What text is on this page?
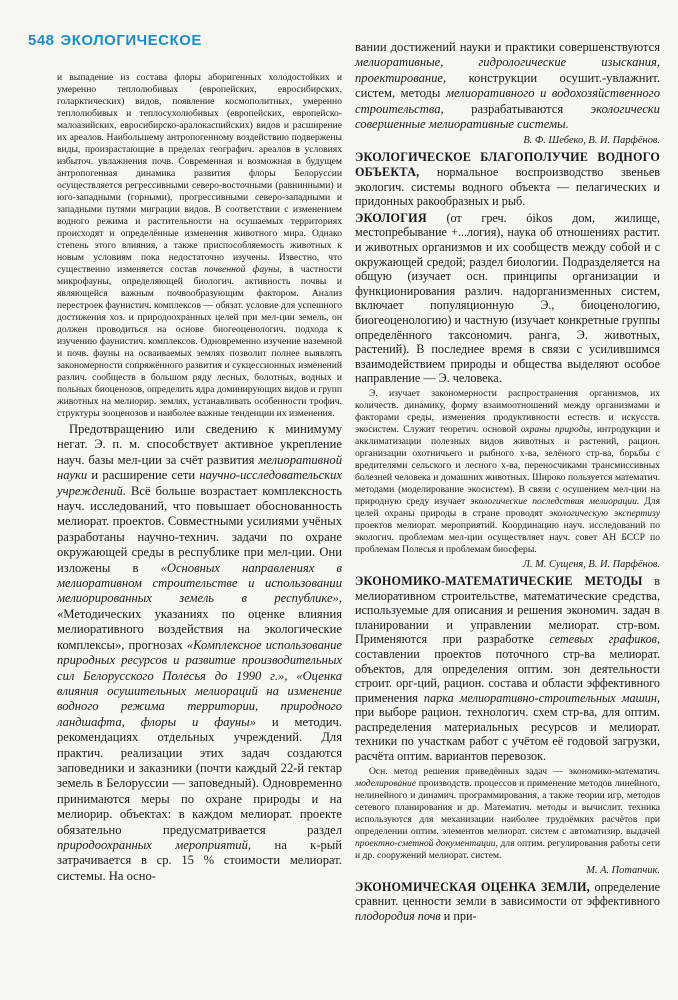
548 ЭКОЛОГИЧЕСКОЕ

и выпадение из состава флоры аборигенных холодостойких и умеренно теплолюбивых (европейских, евросибирских, голарктических) видов, появление космополитных, умеренно теплолюбивых и теплосухолюбивых (европейских, европейско-малоазийских, евросибирско-аралокаспийских) видов и расширение их ареалов. Наибольшему антропогенному воздействию подвержены виды, произрастающие в пределах географич. ареалов в условиях избыточ. увлажнения почв. Современная и возможная в будущем антропогенная динамика развития флоры Белоруссии осуществляется регрессивными северо-восточными (равнинными) и юго-западными (горными), прогрессивными северо-западными и западными путями миграции видов. В соответствии с изменением водного режима и растительности на осушаемых территориях происходят и определённые изменения животного мира. Однако степень этого влияния, а также приспособляемость животных к новым условиям пока недостаточно изучены. Известно, что существенно изменяется состав почвенной фауны, в частности микрофауны, определяющей биологич. активность почвы и являющейся важным почвообразующим фактором. Анализ перестроек фаунистич. комплексов — обязат. условие для успешного достижения хоз. и природоохранных целей при мел-ции земель, он должен проводиться на основе биогеоценологич. подхода к изучению фаунистич. комплексов. Одновременно изучение наземной и почв. фауны на осваиваемых землях позволит полнее выявлять закономерности сопряжённого развития и сукцессионных изменений различ. сообществ в большом ряду лесных, болотных, водных и польных биоценозов, определить ядра доминирующих видов и групп животных на мелиорир. землях, устанавливать особенности трофич. структуры зооценозов и наиболее важные тенденции их изменения.

Предотвращению или сведению к минимуму негат. Э. п. м. способствует активное укрепление науч. базы мел-ции за счёт развития мелиоративной науки и расширение сети научно-исследовательских учреждений. Всё больше возрастает комплексность науч. исследований, что повышает обоснованность мелиорат. проектов. Совместными усилиями учёных разработаны научно-технич. задачи по охране окружающей среды в республике при мел-ции. Они изложены в «Основных направлениях в мелиоративном строительстве и использовании мелиорированных земель в республике», «Методических указаниях по оценке влияния мелиоративного воздействия на экологические комплексы», прогнозах «Комплексное использование природных ресурсов и развитие производительных сил Белорусского Полесья до 1990 г.», «Оценка влияния осушительных мелиораций на изменение водного режима территории, природного ландшафта, флоры и фауны» и методич. рекомендациях отдельных учреждений. Для практич. реализации этих задач создаются заповедники и заказники (почти каждый 22-й гектар земель в Белоруссии — заповедный). Одновременно принимаются меры по охране природы и на мелиорир. объектах: в каждом мелиорат. проекте обязательно предусматривается раздел природоохранных мероприятий, на к-рый затрачивается в ср. 15 % стоимости мелиорат. системы. На осно-

вании достижений науки и практики совершенствуются мелиоративные, гидрологические изыскания, проектирование, конструкции осушит.-увлажнит. систем, методы мелиоративного и водохозяйственного строительства, разрабатываются экологически совершенные мелиоративные системы.

В. Ф. Шебеко, В. И. Парфёнов.

ЭКОЛОГИЧЕСКОЕ БЛАГОПОЛУЧИЕ ВОДНОГО ОБЪЕКТА, нормальное воспроизводство звеньев экологич. системы водного объекта — пелагических и придонных ракообразных и рыб.

ЭКОЛОГИЯ (от греч. óikos дом, жилище, местопребывание +...логия), наука об отношениях растит. и животных организмов и их сообществ между собой и с окружающей средой; раздел биологии. Подразделяется на общую (изучает осн. принципы организации и функционирования различ. надорганизменных систем, включает популяционную Э., биоценологию, биогеоценологию) и частную (изучает конкретные группы определённого таксономич. ранга, Э. животных, растений). В последнее время в связи с усилившимся взаимодействием природы и общества выделяют особое направление — Э. человека.

Э. изучает закономерности распространения организмов, их количеств. динамику, форму взаимоотношений между организмами и факторами среды, изменения продуктивности естеств. и искусств. экосистем. Служит теоретич. основой охраны природы, интродукции и акклиматизации полезных видов животных и растений, рацион. организации охотничьего и рыбного х-ва, зелёного стр-ва, борьбы с вредителями сельского и лесного х-ва, переносчиками трансмиссивных болезней человека и домашних животных. Широко пользуется математич. методами (моделирование экосистем). В связи с осушением мел-ции на природную среду изучает экологические последствия мелиорации. Для целей охраны природы в стране проводят экологическую экспертизу проектов мелиорат. мероприятий. Координацию науч. исследований по экологич. проблемам мел-ции осуществляет науч. совет АН БССР по проблемам Полесья и проблемам биосферы.

Л. М. Сущеня, В. И. Парфёнов.

ЭКОНОМИКО-МАТЕМАТИЧЕСКИЕ МЕТОДЫ в мелиоративном строительстве, математические средства, используемые для описания и решения экономич. задач в планировании и управлении мелиорат. стр-вом. Применяются при разработке сетевых графиков, составлении проектов поточного стр-ва мелиорат. объектов, для определения оптим. зон деятельности строит. орг-ций, рацион. состава и области эффективного применения парка мелиоративно-строительных машин, при выборе рацион. технологич. схем стр-ва, для оптим. распределения материальных ресурсов и мелиорат. техники по участкам работ с учётом её годовой загрузки, расчёта оптим. вариантов перевозок.

Осн. метод решения приведённых задач — экономико-математич. моделирование производств. процессов и применение методов линейного, нелинейного и динамич. программирования, а также теории игр, методов сетевого планирования и др. Математич. методы и вычислит. техника используются для механизации наиболее трудоёмких расчётов при определении оптим. элементов мелиорат. систем с автоматизир. выдачей проектно-сметной документации, для оптим. регулирования работы сети и др. сооружений мелиорат. систем.

М. А. Потапчик.

ЭКОНОМИЧЕСКАЯ ОЦЕНКА ЗЕМЛИ, определение сравнит. ценности земли в зависимости от эффективного плодородия почв и при-
